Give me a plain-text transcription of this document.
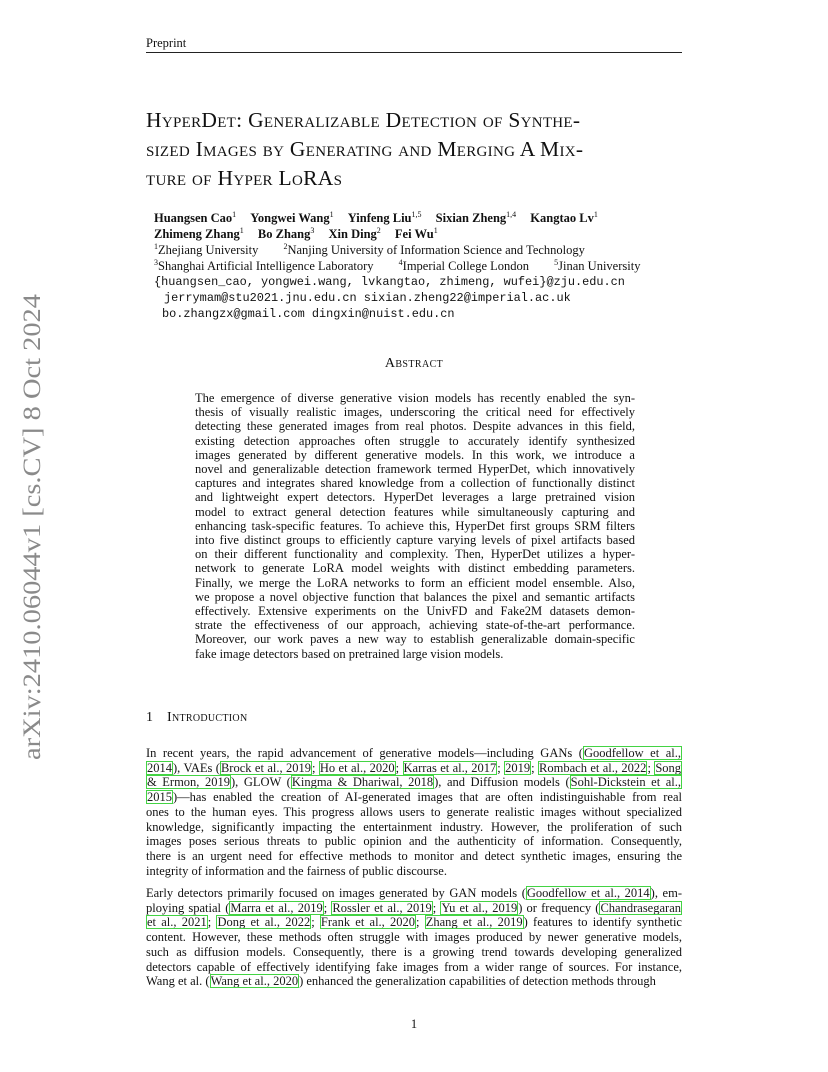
Preprint
arXiv:2410.06044v1 [cs.CV] 8 Oct 2024
HyperDet: Generalizable Detection of Synthe-
sized Images by Generating and Merging A Mix-
ture of Hyper LoRAs
Huangsen Cao$^1$ Yongwei Wang$^1$ Yinfeng Liu$^{1,5}$ Sixian Zheng$^{1,4}$ Kangtao Lv$^1$
Zhimeng Zhang$^1$ Bo Zhang$^3$ Xin Ding$^2$ Fei Wu$^1$
$^1$Zhejiang University	$^2$Nanjing University of Information Science and Technology
$^3$Shanghai Artificial Intelligence Laboratory	$^4$Imperial College London	$^5$Jinan University
{huangsen_cao, yongwei.wang, lvkangtao, zhimeng, wufei}@zju.edu.cn
jerrymam@stu2021.jnu.edu.cn sixian.zheng22@imperial.ac.uk
bo.zhangzx@gmail.com dingxin@nuist.edu.cn
Abstract
The emergence of diverse generative vision models has recently enabled the syn-
thesis of visually realistic images, underscoring the critical need for effectively
detecting these generated images from real photos. Despite advances in this field,
existing detection approaches often struggle to accurately identify synthesized
images generated by different generative models. In this work, we introduce a
novel and generalizable detection framework termed HyperDet, which innovatively
captures and integrates shared knowledge from a collection of functionally distinct
and lightweight expert detectors. HyperDet leverages a large pretrained vision
model to extract general detection features while simultaneously capturing and
enhancing task-specific features. To achieve this, HyperDet first groups SRM filters
into five distinct groups to efficiently capture varying levels of pixel artifacts based
on their different functionality and complexity. Then, HyperDet utilizes a hyper-
network to generate LoRA model weights with distinct embedding parameters.
Finally, we merge the LoRA networks to form an efficient model ensemble. Also,
we propose a novel objective function that balances the pixel and semantic artifacts
effectively. Extensive experiments on the UnivFD and Fake2M datasets demon-
strate the effectiveness of our approach, achieving state-of-the-art performance.
Moreover, our work paves a new way to establish generalizable domain-specific
fake image detectors based on pretrained large vision models.
1 Introduction
In recent years, the rapid advancement of generative models—including GANs (Goodfellow et al.,
2014), VAEs (Brock et al., 2019; Ho et al., 2020; Karras et al., 2017; 2019; Rombach et al., 2022; Song
& Ermon, 2019), GLOW (Kingma & Dhariwal, 2018), and Diffusion models (Sohl-Dickstein et al.,
2015)—has enabled the creation of AI-generated images that are often indistinguishable from real
ones to the human eyes. This progress allows users to generate realistic images without specialized
knowledge, significantly impacting the entertainment industry. However, the proliferation of such
images poses serious threats to public opinion and the authenticity of information. Consequently,
there is an urgent need for effective methods to monitor and detect synthetic images, ensuring the
integrity of information and the fairness of public discourse.
Early detectors primarily focused on images generated by GAN models (Goodfellow et al., 2014), em-
ploying spatial (Marra et al., 2019; Rossler et al., 2019; Yu et al., 2019) or frequency (Chandrasegaran
et al., 2021; Dong et al., 2022; Frank et al., 2020; Zhang et al., 2019) features to identify synthetic
content. However, these methods often struggle with images produced by newer generative models,
such as diffusion models. Consequently, there is a growing trend towards developing generalized
detectors capable of effectively identifying fake images from a wider range of sources. For instance,
Wang et al. (Wang et al., 2020) enhanced the generalization capabilities of detection methods through
1
